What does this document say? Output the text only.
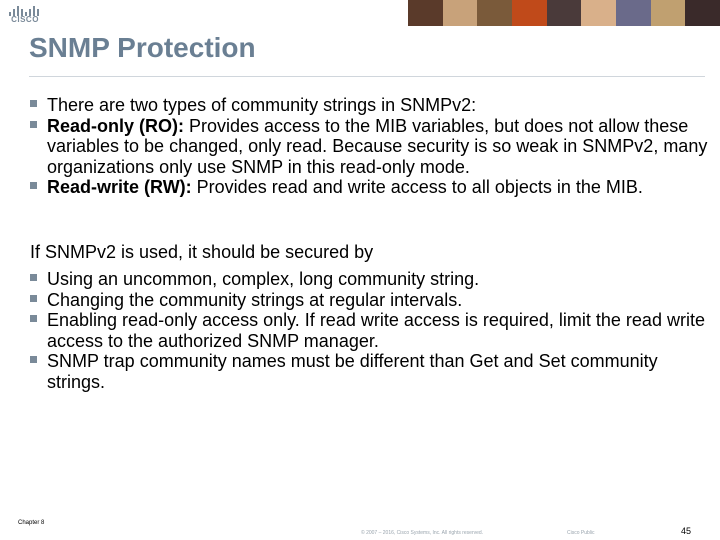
CISCO
SNMP Protection
There are two types of community strings in SNMPv2:
Read-only (RO): Provides access to the MIB variables, but does not allow these variables to be changed, only read. Because security is so weak in SNMPv2, many organizations only use SNMP in this read-only mode.
Read-write (RW): Provides read and write access to all objects in the MIB.
If SNMPv2 is used, it should be secured by
Using an uncommon, complex, long community string.
Changing the community strings at regular intervals.
Enabling read-only access only. If read write access is required, limit the read write access to the authorized SNMP manager.
SNMP trap community names must be different than Get and Set community strings.
Chapter 8
© 2007 – 2016, Cisco Systems, Inc. All rights reserved.	Cisco Public	45
